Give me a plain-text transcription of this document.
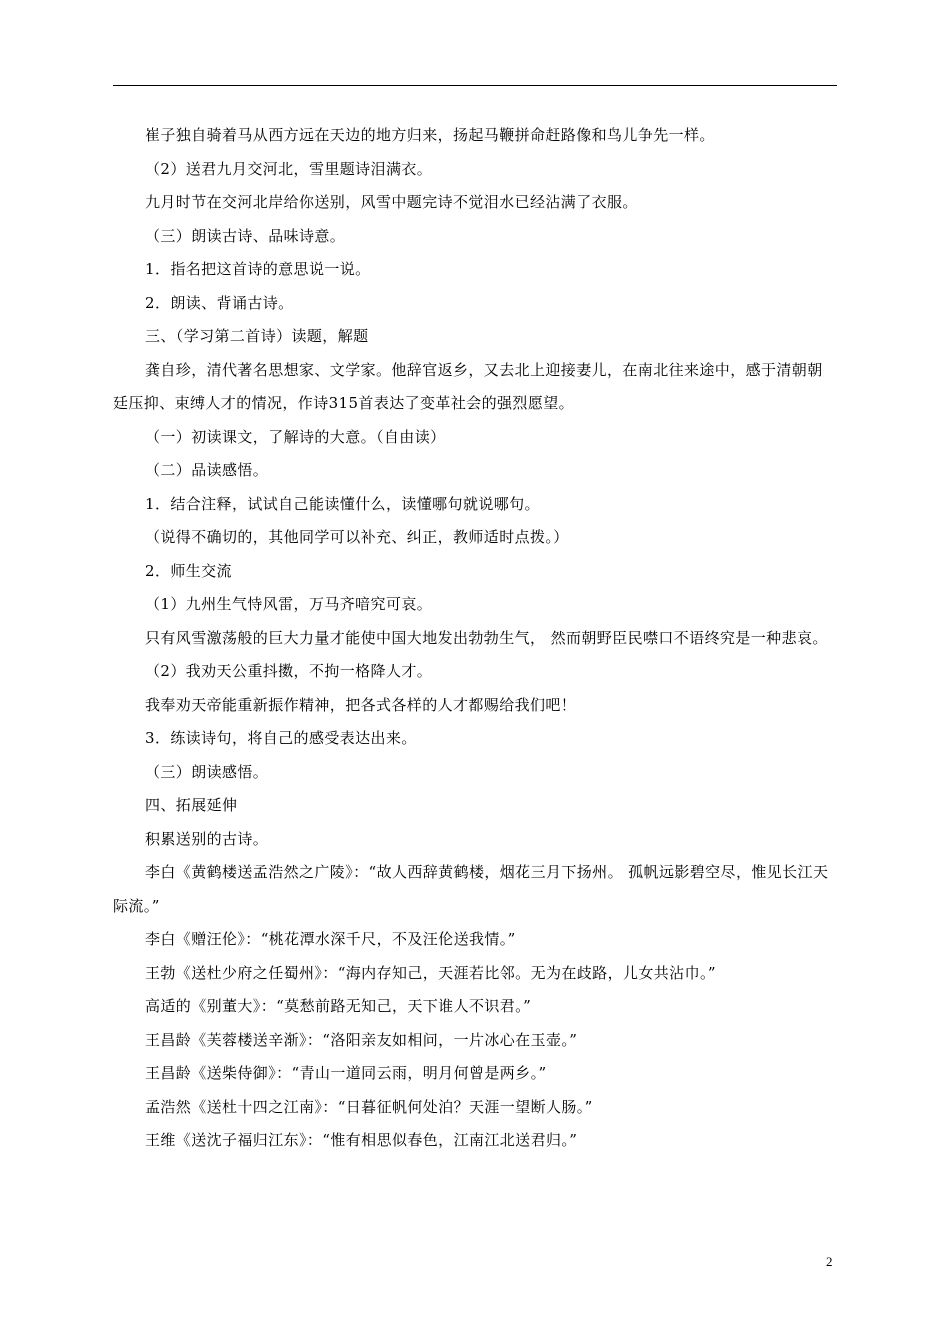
崔子独自骑着马从西方远在天边的地方归来，扬起马鞭拼命赶路像和鸟儿争先一样。

（2）送君九月交河北，雪里题诗泪满衣。

九月时节在交河北岸给你送别，风雪中题完诗不觉泪水已经沾满了衣服。

（三）朗读古诗、品味诗意。

1．指名把这首诗的意思说一说。

2．朗读、背诵古诗。

三、（学习第二首诗）读题，解题

龚自珍，清代著名思想家、文学家。他辞官返乡，又去北上迎接妻儿，在南北往来途中，感于清朝朝廷压抑、束缚人才的情况，作诗315首表达了变革社会的强烈愿望。

（一）初读课文，了解诗的大意。（自由读）

（二）品读感悟。

1．结合注释，试试自己能读懂什么，读懂哪句就说哪句。

（说得不确切的，其他同学可以补充、纠正，教师适时点拨。）

2．师生交流

（1）九州生气恃风雷，万马齐喑究可哀。

只有风雪激荡般的巨大力量才能使中国大地发出勃勃生气， 然而朝野臣民噤口不语终究是一种悲哀。

（2）我劝天公重抖擞，不拘一格降人才。

我奉劝天帝能重新振作精神，把各式各样的人才都赐给我们吧！

3．练读诗句，将自己的感受表达出来。

（三）朗读感悟。

四、拓展延伸

积累送别的古诗。

李白《黄鹤楼送孟浩然之广陵》：“故人西辞黄鹤楼，烟花三月下扬州。 孤帆远影碧空尽，惟见长江天际流。”

李白《赠汪伦》：“桃花潭水深千尺，不及汪伦送我情。”

王勃《送杜少府之任蜀州》：“海内存知己，天涯若比邻。无为在歧路，儿女共沾巾。”

高适的《别董大》：“莫愁前路无知己，天下谁人不识君。”

王昌龄《芙蓉楼送辛渐》：“洛阳亲友如相问，一片冰心在玉壶。”

王昌龄《送柴侍御》：“青山一道同云雨，明月何曾是两乡。”

孟浩然《送杜十四之江南》：“日暮征帆何处泊？天涯一望断人肠。”

王维《送沈子福归江东》：“惟有相思似春色，江南江北送君归。”

2
